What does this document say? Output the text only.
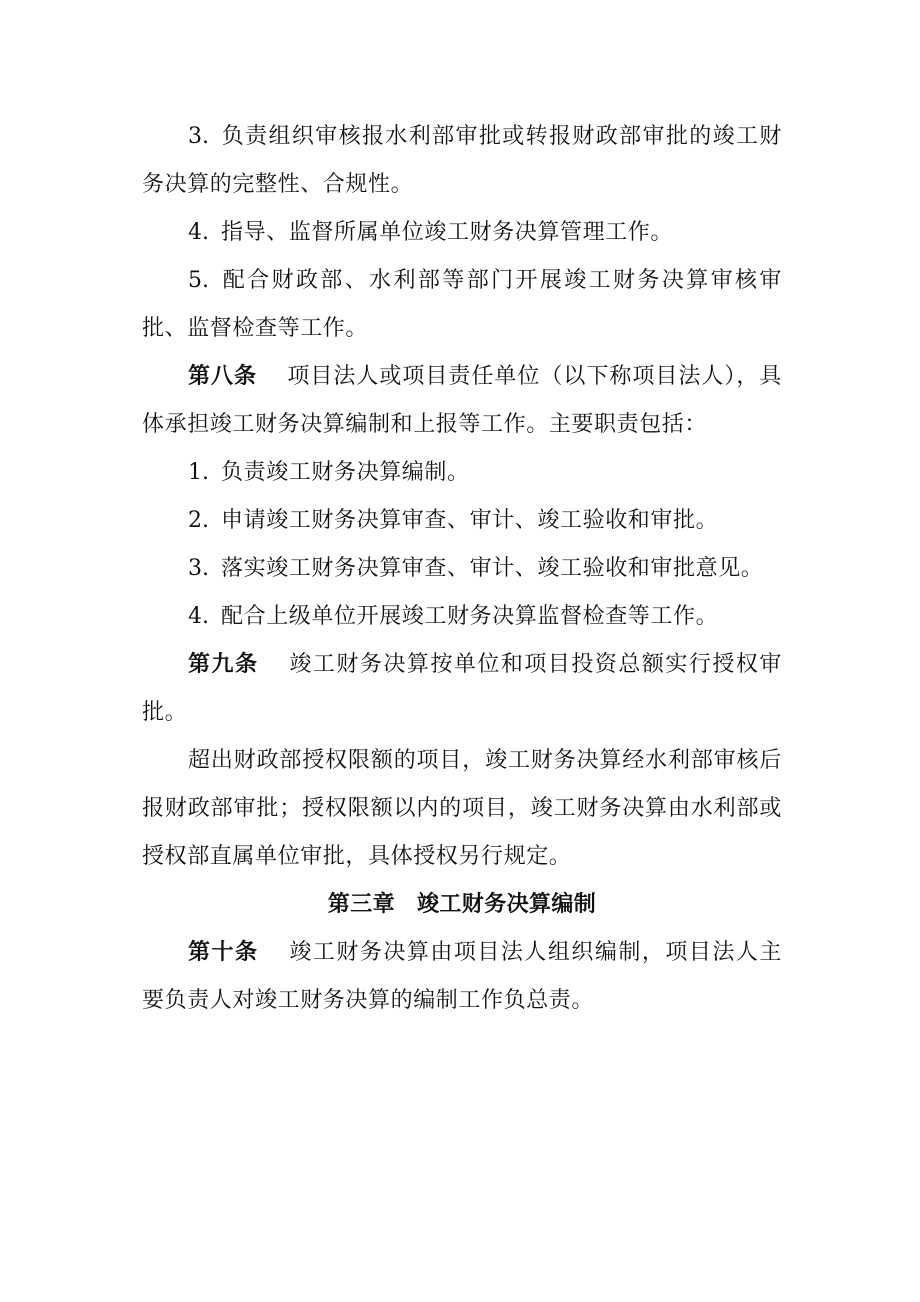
3. 负责组织审核报水利部审批或转报财政部审批的竣工财务决算的完整性、合规性。

4. 指导、监督所属单位竣工财务决算管理工作。

5. 配合财政部、水利部等部门开展竣工财务决算审核审批、监督检查等工作。

第八条 项目法人或项目责任单位（以下称项目法人），具体承担竣工财务决算编制和上报等工作。主要职责包括：

1. 负责竣工财务决算编制。

2. 申请竣工财务决算审查、审计、竣工验收和审批。

3. 落实竣工财务决算审查、审计、竣工验收和审批意见。

4. 配合上级单位开展竣工财务决算监督检查等工作。

第九条 竣工财务决算按单位和项目投资总额实行授权审批。

超出财政部授权限额的项目，竣工财务决算经水利部审核后报财政部审批；授权限额以内的项目，竣工财务决算由水利部或授权部直属单位审批，具体授权另行规定。

第三章 竣工财务决算编制

第十条 竣工财务决算由项目法人组织编制，项目法人主要负责人对竣工财务决算的编制工作负总责。
